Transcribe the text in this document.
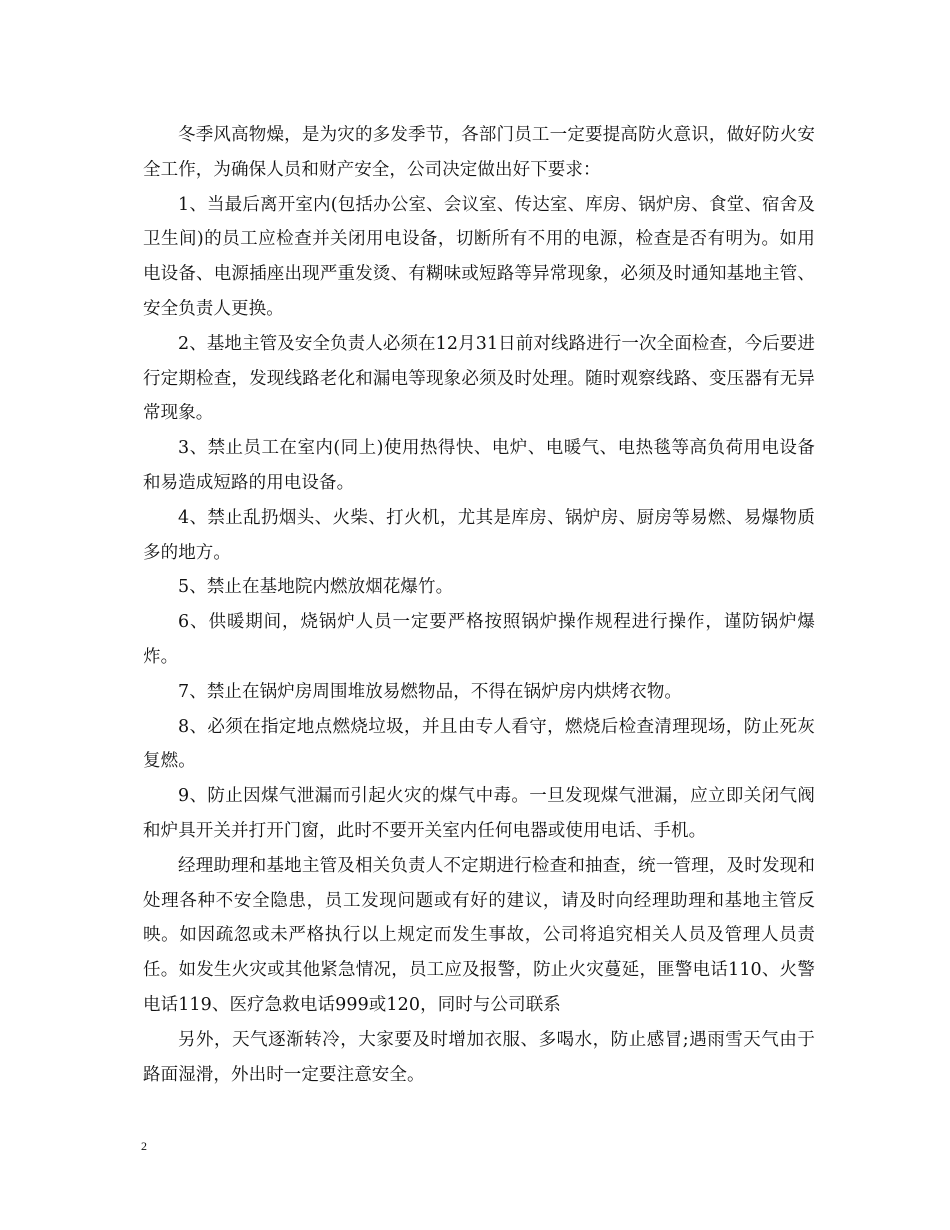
冬季风高物燥，是为灾的多发季节，各部门员工一定要提高防火意识，做好防火安全工作，为确保人员和财产安全，公司决定做出好下要求：

1、当最后离开室内(包括办公室、会议室、传达室、库房、锅炉房、食堂、宿舍及卫生间)的员工应检查并关闭用电设备，切断所有不用的电源，检查是否有明为。如用电设备、电源插座出现严重发烫、有糊味或短路等异常现象，必须及时通知基地主管、安全负责人更换。

2、基地主管及安全负责人必须在12月31日前对线路进行一次全面检查，今后要进行定期检查，发现线路老化和漏电等现象必须及时处理。随时观察线路、变压器有无异常现象。

3、禁止员工在室内(同上)使用热得快、电炉、电暖气、电热毯等高负荷用电设备和易造成短路的用电设备。

4、禁止乱扔烟头、火柴、打火机，尤其是库房、锅炉房、厨房等易燃、易爆物质多的地方。

5、禁止在基地院内燃放烟花爆竹。

6、供暖期间，烧锅炉人员一定要严格按照锅炉操作规程进行操作，谨防锅炉爆炸。

7、禁止在锅炉房周围堆放易燃物品，不得在锅炉房内烘烤衣物。

8、必须在指定地点燃烧垃圾，并且由专人看守，燃烧后检查清理现场，防止死灰复燃。

9、防止因煤气泄漏而引起火灾的煤气中毒。一旦发现煤气泄漏，应立即关闭气阀和炉具开关并打开门窗，此时不要开关室内任何电器或使用电话、手机。

经理助理和基地主管及相关负责人不定期进行检查和抽查，统一管理，及时发现和处理各种不安全隐患，员工发现问题或有好的建议，请及时向经理助理和基地主管反映。如因疏忽或未严格执行以上规定而发生事故，公司将追究相关人员及管理人员责任。如发生火灾或其他紧急情况，员工应及报警，防止火灾蔓延，匪警电话110、火警电话119、医疗急救电话999或120，同时与公司联系

另外，天气逐渐转冷，大家要及时增加衣服、多喝水，防止感冒;遇雨雪天气由于路面湿滑，外出时一定要注意安全。

2
